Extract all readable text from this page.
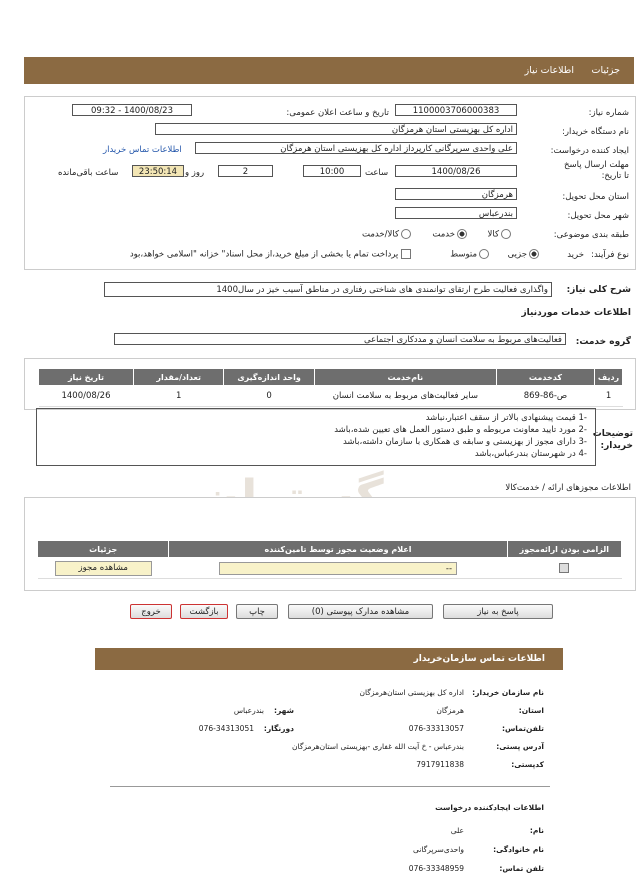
جزئیات
اطلاعات نیاز
شماره نیاز:
1100003706000383
تاریخ و ساعت اعلان عمومی:
1400/08/23 - 09:32
نام دستگاه خریدار:
اداره کل بهزیستی استان هرمزگان
ایجاد کننده درخواست:
علی واحدی سرپرگانی کارپرداز اداره کل بهزیستی استان هرمزگان
اطلاعات تماس خریدار
مهلت ارسال پاسخ تا تاریخ:
1400/08/26
ساعت
10:00
2
روز و
23:50:14
ساعت باقی‌مانده
استان محل تحویل:
هرمزگان
شهر محل تحویل:
بندرعباس
طبقه بندی موضوعی:
کالا
خدمت
کالا/خدمت
نوع فرآیند:
خرید
جزیی
متوسط
پرداخت تمام یا بخشی از مبلغ خرید،از محل اسناد" خزانه "اسلامی خواهد،بود
شرح کلی نیاز:
واگذاری فعالیت طرح ارتقای توانمندی های شناختی رفتاری در مناطق آسیب خیز در سال1400
اطلاعات خدمات موردنیاز
گروه خدمت:
فعالیت‌های مربوط به سلامت انسان و مددکاری اجتماعی
ردیف	کدخدمت	نام‌خدمت	واحد اندازه‌گیری	تعداد/مقدار	تاریخ نیاز
1	ص-86-869	سایر فعالیت‌های مربوط به سلامت انسان	0	1	1400/08/26
توضیحات خریدار:
-1 قیمت پیشنهادی بالاتر از سقف اعتبار،نباشد
-2 مورد تایید معاونت مربوطه و طبق دستور العمل های تعیین شده،باشد
-3 دارای مجوز از بهزیستی و سابقه ی همکاری با سازمان داشته،باشد
-4 در شهرستان بندرعباس،باشد
اطلاعات مجوزهای ارائه / خدمت‌کالا
الزامی بودن ارائه‌مجوز	اعلام وضعیت مجوز توسط تامین‌کننده	جزئیات

	--	مشاهده مجوز
پاسخ به نیاز
مشاهده مدارک پیوستی (0)
چاپ
بازگشت
خروج
اطلاعات تماس سازمان‌خریدار
نام سازمان‌ خریدار:
اداره کل بهزیستی استان‌هرمزگان
استان:
هرمزگان
شهر:
بندرعباس
تلفن‌تماس:
076-33313057
دورنگار:
076-34313051
آدرس‌ پستی:
بندرعباس - خ آیت الله غفاری -بهزیستی استان‌هرمزگان
کدپستی:
7917911838
اطلاعات ایجادکننده درخواست
نام:
علی
نام‌ خانوادگی:
واحدی‌سرپرگانی
تلفن‌ تماس:
076-33348959
